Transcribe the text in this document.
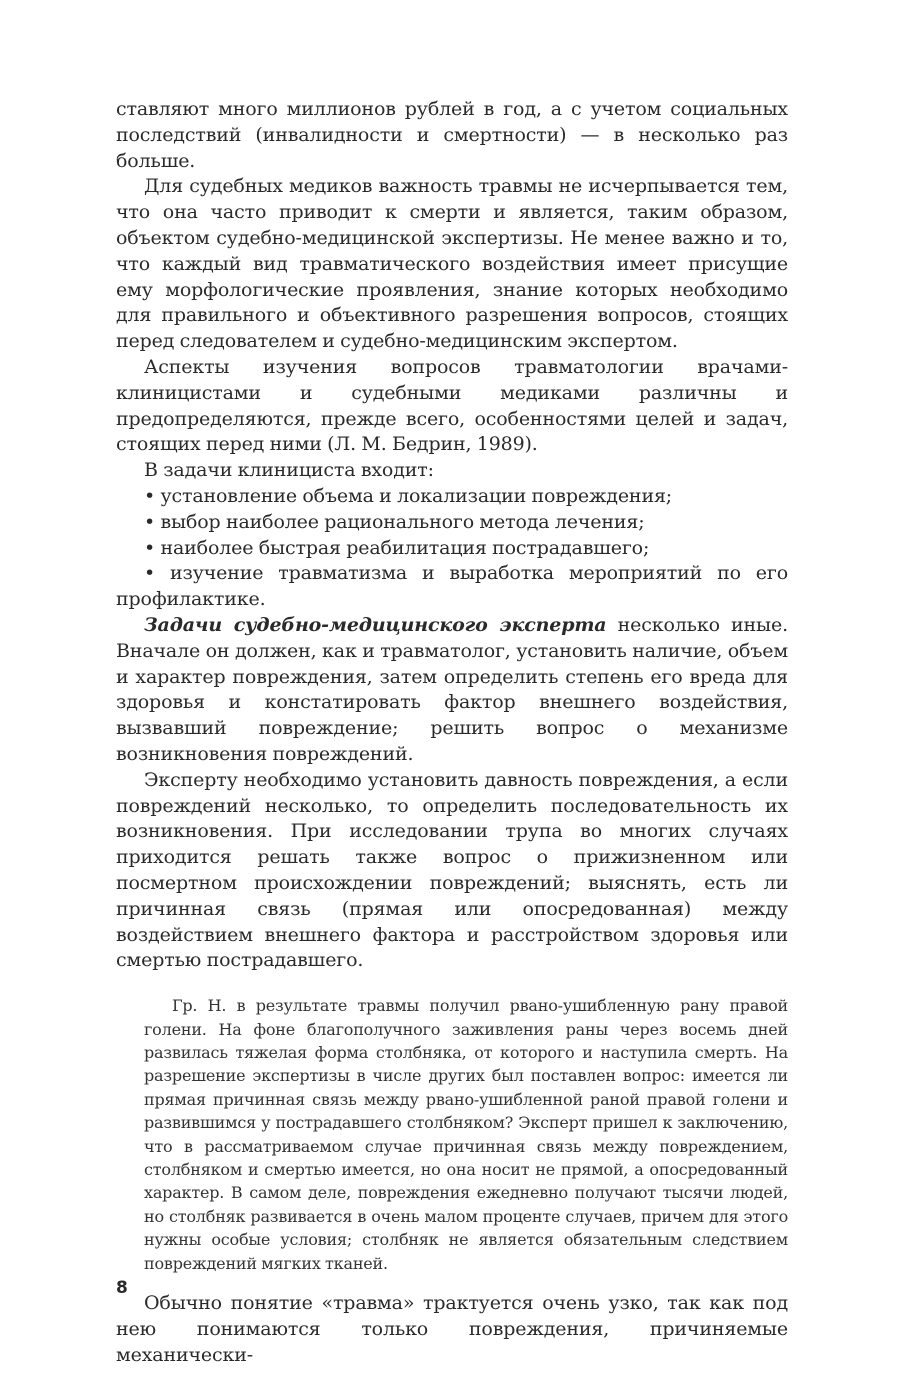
ставляют много миллионов рублей в год, а с учетом социальных последствий (инвалидности и смертности) — в несколько раз больше.

Для судебных медиков важность травмы не исчерпывается тем, что она часто приводит к смерти и является, таким образом, объектом судебно-медицинской экспертизы. Не менее важно и то, что каждый вид травматического воздействия имеет присущие ему морфологические проявления, знание которых необходимо для правильного и объективного разрешения вопросов, стоящих перед следователем и судебно-медицинским экспертом.

Аспекты изучения вопросов травматологии врачами-клиницистами и судебными медиками различны и предопределяются, прежде всего, особенностями целей и задач, стоящих перед ними (Л. М. Бедрин, 1989).

В задачи клинициста входит:

• установление объема и локализации повреждения;

• выбор наиболее рационального метода лечения;

• наиболее быстрая реабилитация пострадавшего;

• изучение травматизма и выработка мероприятий по его профилактике.

Задачи судебно-медицинского эксперта несколько иные. Вначале он должен, как и травматолог, установить наличие, объем и характер повреждения, затем определить степень его вреда для здоровья и констатировать фактор внешнего воздействия, вызвавший повреждение; решить вопрос о механизме возникновения повреждений.

Эксперту необходимо установить давность повреждения, а если повреждений несколько, то определить последовательность их возникновения. При исследовании трупа во многих случаях приходится решать также вопрос о прижизненном или посмертном происхождении повреждений; выяснять, есть ли причинная связь (прямая или опосредованная) между воздействием внешнего фактора и расстройством здоровья или смертью пострадавшего.

Гр. Н. в результате травмы получил рвано-ушибленную рану правой голени. На фоне благополучного заживления раны через восемь дней развилась тяжелая форма столбняка, от которого и наступила смерть. На разрешение экспертизы в числе других был поставлен вопрос: имеется ли прямая причинная связь между рвано-ушибленной раной правой голени и развившимся у пострадавшего столбняком? Эксперт пришел к заключению, что в рассматриваемом случае причинная связь между повреждением, столбняком и смертью имеется, но она носит не прямой, а опосредованный характер. В самом деле, повреждения ежедневно получают тысячи людей, но столбняк развивается в очень малом проценте случаев, причем для этого нужны особые условия; столбняк не является обязательным следствием повреждений мягких тканей.

Обычно понятие «травма» трактуется очень узко, так как под нею понимаются только повреждения, причиняемые механически-

8
